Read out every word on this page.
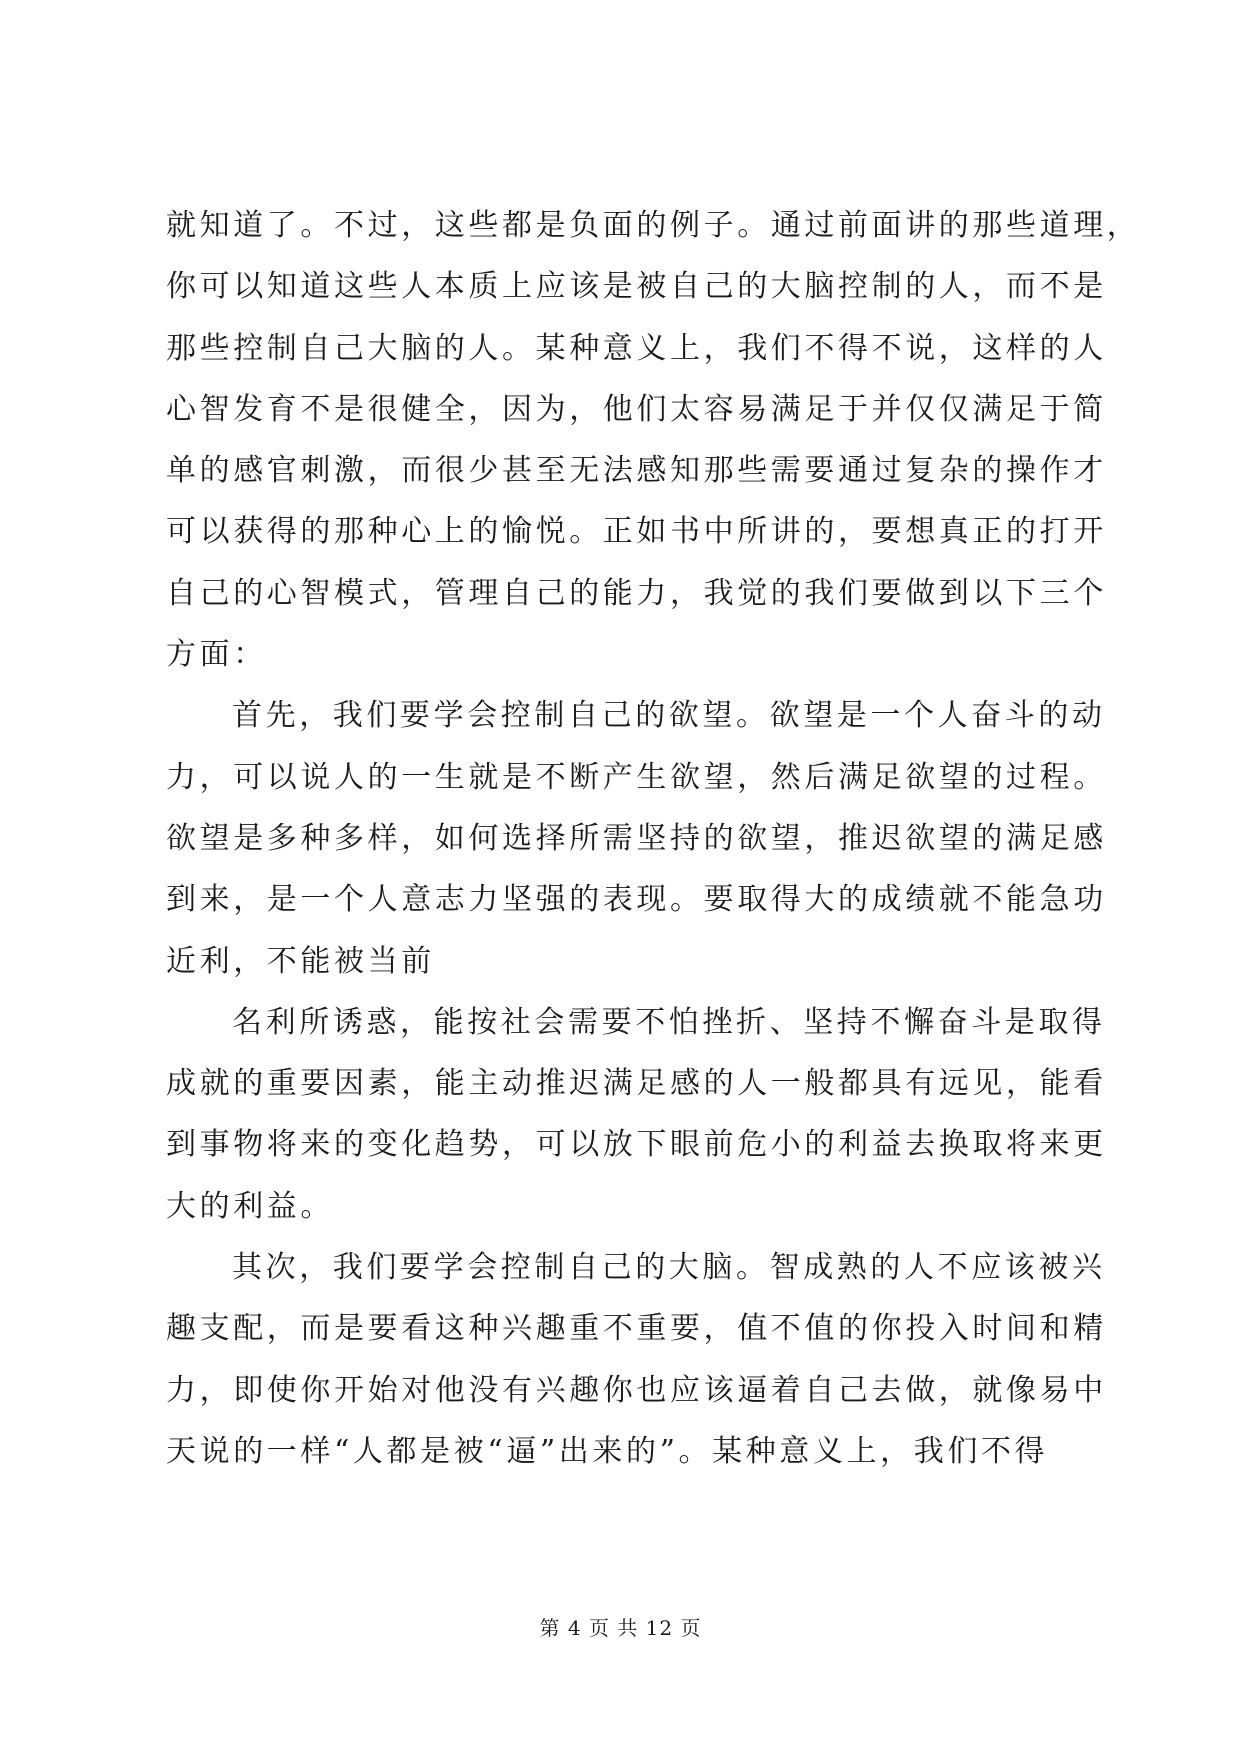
就知道了。不过，这些都是负面的例子。通过前面讲的那些道理，
你可以知道这些人本质上应该是被自己的大脑控制的人，而不是
那些控制自己大脑的人。某种意义上，我们不得不说，这样的人
心智发育不是很健全，因为，他们太容易满足于并仅仅满足于简
单的感官刺激，而很少甚至无法感知那些需要通过复杂的操作才
可以获得的那种心上的愉悦。正如书中所讲的，要想真正的打开
自己的心智模式，管理自己的能力，我觉的我们要做到以下三个
方面：
首先，我们要学会控制自己的欲望。欲望是一个人奋斗的动
力，可以说人的一生就是不断产生欲望，然后满足欲望的过程。
欲望是多种多样，如何选择所需坚持的欲望，推迟欲望的满足感
到来，是一个人意志力坚强的表现。要取得大的成绩就不能急功
近利，不能被当前
名利所诱惑，能按社会需要不怕挫折、坚持不懈奋斗是取得
成就的重要因素，能主动推迟满足感的人一般都具有远见，能看
到事物将来的变化趋势，可以放下眼前危小的利益去换取将来更
大的利益。
其次，我们要学会控制自己的大脑。智成熟的人不应该被兴
趣支配，而是要看这种兴趣重不重要，值不值的你投入时间和精
力，即使你开始对他没有兴趣你也应该逼着自己去做，就像易中
天说的一样“人都是被“逼”出来的”。某种意义上，我们不得
第 4 页 共 12 页
